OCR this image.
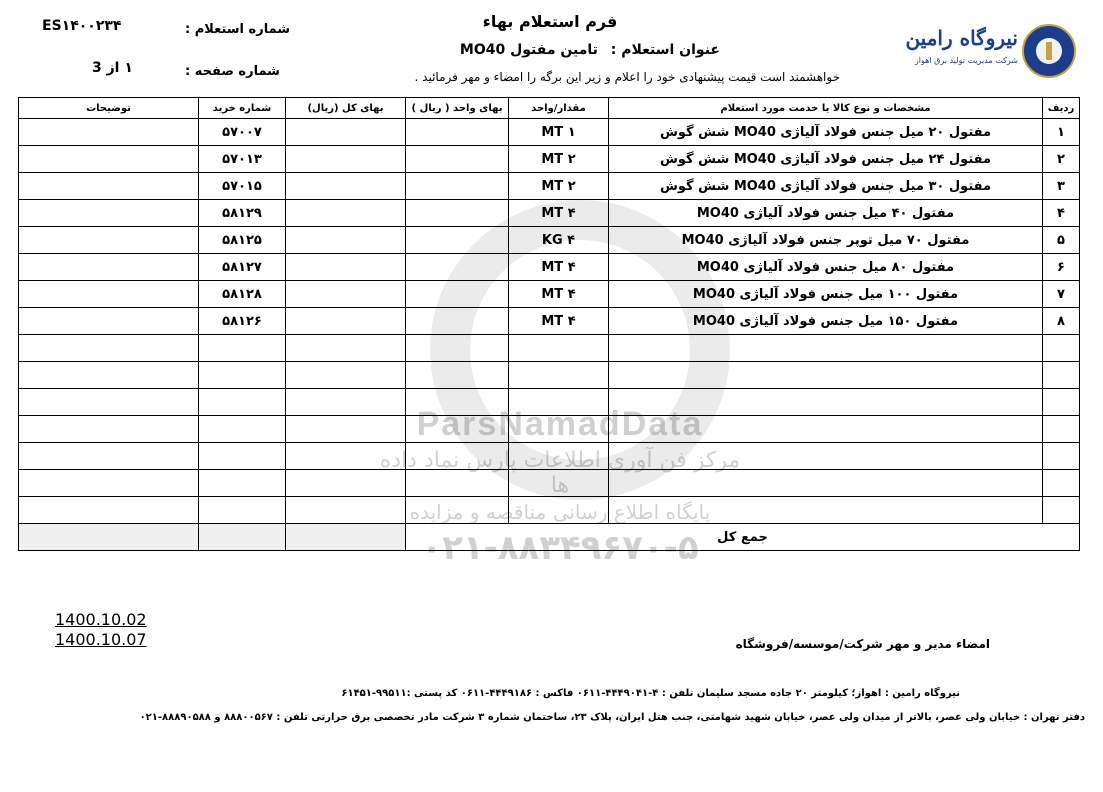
فرم استعلام بهاء
عنوان استعلام : تامین مفتول MO40
خواهشمند است قیمت پیشنهادی خود را اعلام و زیر این برگه را امضاء و مهر فرمائید .
شماره استعلام :
ES۱۴۰۰۲۳۴
شماره صفحه :
۱ از 3
نیروگاه رامین
شرکت مدیریت تولید برق اهواز
ردیف	مشخصات و نوع کالا یا خدمت مورد استعلام	مقدار/واحد	بهای واحد ( ریال )	بهای کل (ریال)	شماره خرید	توضیحات
۱	مفتول ۲۰ میل جنس فولاد آلیاژی MO40 شش گوش	۱ MT			۵۷۰۰۷	
۲	مفتول ۲۴ میل جنس فولاد آلیاژی MO40 شش گوش	۲ MT			۵۷۰۱۳	
۳	مفتول ۳۰ میل جنس فولاد آلیاژی MO40 شش گوش	۲ MT			۵۷۰۱۵	
۴	مفتول ۴۰ میل جنس فولاد آلیاژی MO40	۴ MT			۵۸۱۲۹	
۵	مفتول ۷۰ میل توپر جنس فولاد آلیاژی MO40	۴ KG			۵۸۱۲۵	
۶	مفتول ۸۰ میل جنس فولاد آلیاژی MO40	۴ MT			۵۸۱۲۷	
۷	مفتول ۱۰۰ میل جنس فولاد آلیاژی MO40	۴ MT			۵۸۱۲۸	
۸	مفتول ۱۵۰ میل جنس فولاد آلیاژی MO40	۴ MT			۵۸۱۲۶	

جمع کل						
ParsNamadData
مرکز فن آوری اطلاعات پارس نماد داده ها
پایگاه اطلاع رسانی مناقصه و مزایده
1400.10.02
1400.10.07	امضاء مدیر و مهر شرکت/موسسه/فروشگاه
نیروگاه رامین : اهواز؛ کیلومتر ۲۰ جاده مسجد سلیمان تلفن : ۴-۴۴۴۹۰۴۱-۰۶۱۱ فاکس : ۴۴۴۹۱۸۶-۰۶۱۱ کد پستی :۹۹۵۱۱-۶۱۴۵۱
دفتر تهران : خیابان ولی عصر، بالاتر از میدان ولی عصر، خیابان شهید شهامتی، جنب هتل ایران، پلاک ۲۳، ساختمان شماره ۳ شرکت مادر تخصصی برق حرارتی تلفن : ۸۸۸۰۰۵۶۷ و ۸۸۸۹۰۵۸۸-۰۲۱
